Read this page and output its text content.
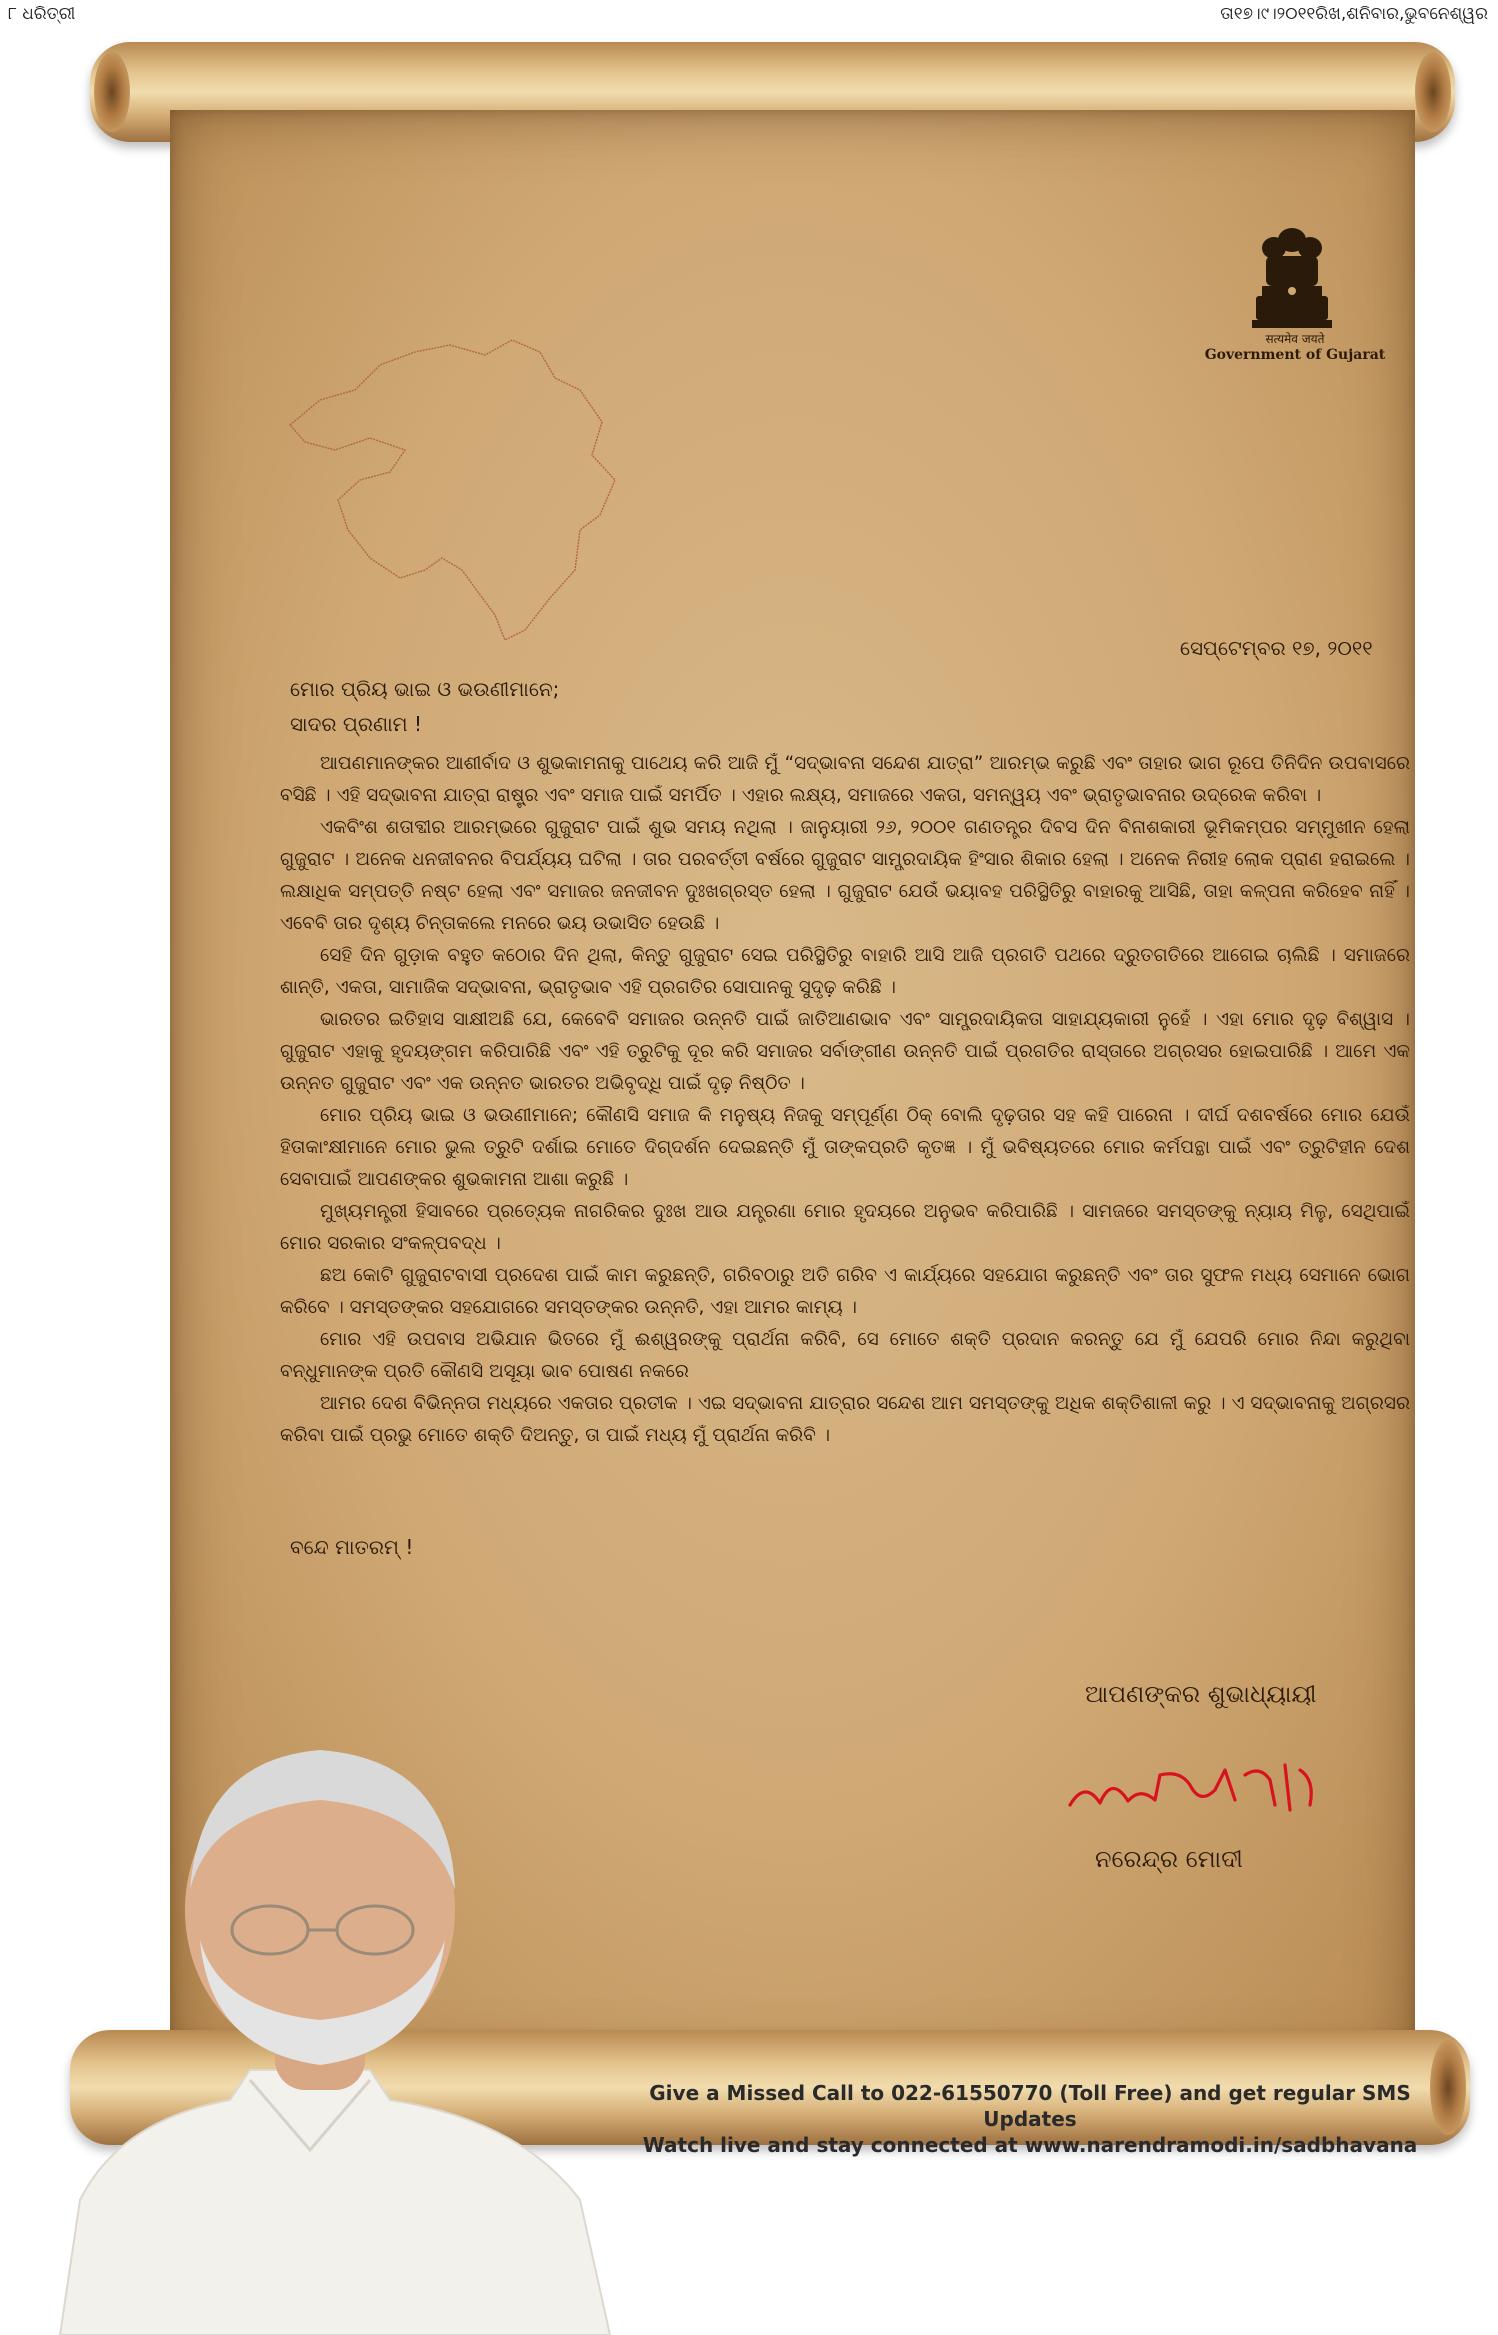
୮ ଧରିତ୍ରୀ	ତା୧୭।୯।୨୦୧୧ରିଖ,ଶନିବାର,ଭୁବନେଶ୍ୱର
सत्यमेव जयते
Government of Gujarat
ସେପ୍ଟେମ୍ବର ୧୭, ୨୦୧୧
ମୋର ପ୍ରିୟ ଭାଇ ଓ ଭଉଣୀମାନେ;
ସାଦର ପ୍ରଣାମ !

ଆପଣମାନଙ୍କର ଆଶୀର୍ବାଦ ଓ ଶୁଭକାମନାକୁ ପାଥେୟ କରି ଆଜି ମୁଁ “ସଦ୍‌ଭାବନା ସନ୍ଦେଶ ଯାତ୍ରା” ଆରମ୍ଭ କରୁଛି ଏବଂ ତାହାର ଭାଗ ରୂପେ ତିନିଦିନ ଉପବାସରେ ବସିଛି । ଏହି ସଦ୍‌ଭାବନା ଯାତ୍ରା ରାଷ୍ଟ୍ର ଏବଂ ସମାଜ ପାଇଁ ସମର୍ପିତ । ଏହାର ଲକ୍ଷ୍ୟ, ସମାଜରେ ଏକତା, ସମନ୍ୱୟ ଏବଂ ଭ୍ରାତୃଭାବନାର ଉଦ୍ରେକ କରିବା ।

ଏକବିଂଶ ଶତାବ୍ଦୀର ଆରମ୍ଭରେ ଗୁଜୁରାଟ ପାଇଁ ଶୁଭ ସମୟ ନଥିଲା । ଜାନୁୟାରୀ ୨୬, ୨୦୦୧ ଗଣତନ୍ତ୍ର ଦିବସ ଦିନ ବିନାଶକାରୀ ଭୂମିକମ୍ପର ସମ୍ମୁଖୀନ ହେଲା ଗୁଜୁରାଟ । ଅନେକ ଧନଜୀବନର ବିପର୍ଯ୍ୟୟ ଘଟିଲା । ତାର ପରବର୍ତ୍ତୀ ବର୍ଷରେ ଗୁଜୁରାଟ ସାମ୍ପ୍ରଦାୟିକ ହିଂସାର ଶିକାର ହେଲା । ଅନେକ ନିରୀହ ଲୋକ ପ୍ରାଣ ହରାଇଲେ । ଲକ୍ଷାଧିକ ସମ୍ପତ୍ତି ନଷ୍ଟ ହେଲା ଏବଂ ସମାଜର ଜନଜୀବନ ଦୁଃଖଗ୍ରସ୍ତ ହେଲା । ଗୁଜୁରାଟ ଯେଉଁ ଭୟାବହ ପରିସ୍ଥିତିରୁ ବାହାରକୁ ଆସିଛି, ତାହା କଳ୍ପନା କରିହେବ ନାହିଁ । ଏବେବି ତାର ଦୃଶ୍ୟ ଚିନ୍ତାକଲେ ମନରେ ଭୟ ଉଭାସିତ ହେଉଛି ।

ସେହି ଦିନ ଗୁଡ଼ାକ ବହୁତ କଠୋର ଦିନ ଥିଲା, କିନ୍ତୁ ଗୁଜୁରାଟ ସେଇ ପରିସ୍ଥିତିରୁ ବାହାରି ଆସି ଆଜି ପ୍ରଗତି ପଥରେ ଦ୍ରୁତଗତିରେ ଆଗେଇ ଚାଲିଛି । ସମାଜରେ ଶାନ୍ତି, ଏକତା, ସାମାଜିକ ସଦ୍‌ଭାବନା, ଭ୍ରାତୃଭାବ ଏହି ପ୍ରଗତିର ସୋପାନକୁ ସୁଦୃଢ଼ କରିଛି ।

ଭାରତର ଇତିହାସ ସାକ୍ଷୀଅଛି ଯେ, କେବେବି ସମାଜର ଉନ୍ନତି ପାଇଁ ଜାତିଆଣଭାବ ଏବଂ ସାମ୍ପ୍ରଦାୟିକତା ସାହାଯ୍ୟକାରୀ ନୁହେଁ । ଏହା ମୋର ଦୃଢ଼ ବିଶ୍ୱାସ । ଗୁଜୁରାଟ ଏହାକୁ ହୃଦୟଙ୍ଗମ କରିପାରିଛି ଏବଂ ଏହି ତ୍ରୁଟିକୁ ଦୂର କରି ସମାଜର ସର୍ବାଙ୍ଗୀଣ ଉନ୍ନତି ପାଇଁ ପ୍ରଗତିର ରାସ୍ତାରେ ଅଗ୍ରସର ହୋଇପାରିଛି । ଆମେ ଏକ ଉନ୍ନତ ଗୁଜୁରାଟ ଏବଂ ଏକ ଉନ୍ନତ ଭାରତର ଅଭିବୃଦ୍ଧି ପାଇଁ ଦୃଢ଼ ନିଷ୍ଠିତ ।

ମୋର ପ୍ରିୟ ଭାଇ ଓ ଭଉଣୀମାନେ; କୌଣସି ସମାଜ କି ମନୁଷ୍ୟ ନିଜକୁ ସମ୍ପୂର୍ଣ୍ଣ ଠିକ୍ ବୋଲି ଦୃଢ଼ତାର ସହ କହି ପାରେନା । ଦୀର୍ଘ ଦଶବର୍ଷରେ ମୋର ଯେଉଁ ହିତାକାଂକ୍ଷୀମାନେ ମୋର ଭୁଲ ତ୍ରୁଟି ଦର୍ଶାଇ ମୋତେ ଦିଗ୍‌ଦର୍ଶନ ଦେଇଛନ୍ତି ମୁଁ ତାଙ୍କପ୍ରତି କୃତଜ୍ଞ । ମୁଁ ଭବିଷ୍ୟତରେ ମୋର କର୍ମପନ୍ଥା ପାଇଁ ଏବଂ ତ୍ରୁଟିହୀନ ଦେଶ ସେବାପାଇଁ ଆପଣଙ୍କର ଶୁଭକାମନା ଆଶା କରୁଛି ।

ମୁଖ୍ୟମନ୍ତ୍ରୀ ହିସାବରେ ପ୍ରତ୍ୟେକ ନାଗରିକର ଦୁଃଖ ଆଉ ଯନ୍ତ୍ରଣା ମୋର ହୃଦୟରେ ଅନୁଭବ କରିପାରିଛି । ସାମଜରେ ସମସ୍ତଙ୍କୁ ନ୍ୟାୟ ମିଳୁ, ସେଥିପାଇଁ ମୋର ସରକାର ସଂକଳ୍ପବଦ୍ଧ ।

ଛଅ କୋଟି ଗୁଜୁରାଟବାସୀ ପ୍ରଦେଶ ପାଇଁ କାମ କରୁଛନ୍ତି, ଗରିବଠାରୁ ଅତି ଗରିବ ଏ କାର୍ଯ୍ୟରେ ସହଯୋଗ କରୁଛନ୍ତି ଏବଂ ତାର ସୁଫଳ ମଧ୍ୟ ସେମାନେ ଭୋଗ କରିବେ । ସମସ୍ତଙ୍କର ସହଯୋଗରେ ସମସ୍ତଙ୍କର ଉନ୍ନତି, ଏହା ଆମର କାମ୍ୟ ।

ମୋର ଏହି ଉପବାସ ଅଭିଯାନ ଭିତରେ ମୁଁ ଈଶ୍ୱରଙ୍କୁ ପ୍ରାର୍ଥନା କରିବି, ସେ ମୋତେ ଶକ୍ତି ପ୍ରଦାନ କରନ୍ତୁ ଯେ ମୁଁ ଯେପରି ମୋର ନିନ୍ଦା କରୁଥିବା ବନ୍ଧୁମାନଙ୍କ ପ୍ରତି କୌଣସି ଅସୂୟା ଭାବ ପୋଷଣ ନକରେ

ଆମର ଦେଶ ବିଭିନ୍ନତା ମଧ୍ୟରେ ଏକତାର ପ୍ରତୀକ । ଏଇ ସଦ୍‌ଭାବନା ଯାତ୍ରାର ସନ୍ଦେଶ ଆମ ସମସ୍ତଙ୍କୁ ଅଧିକ ଶକ୍ତିଶାଳୀ କରୁ । ଏ ସଦ୍‌ଭାବନାକୁ ଅଗ୍ରସର କରିବା ପାଇଁ ପ୍ରଭୁ ମୋତେ ଶକ୍ତି ଦିଅନ୍ତୁ, ତା ପାଇଁ ମଧ୍ୟ ମୁଁ ପ୍ରାର୍ଥନା କରିବି ।

ବନ୍ଦେ ମାତରମ୍ !
ଆପଣଙ୍କର ଶୁଭାଧ୍ୟାୟୀ
ନରେନ୍ଦ୍ର ମୋଦୀ
Give a Missed Call to 022-61550770 (Toll Free) and get regular SMS Updates
Watch live and stay connected at www.narendramodi.in/sadbhavana
